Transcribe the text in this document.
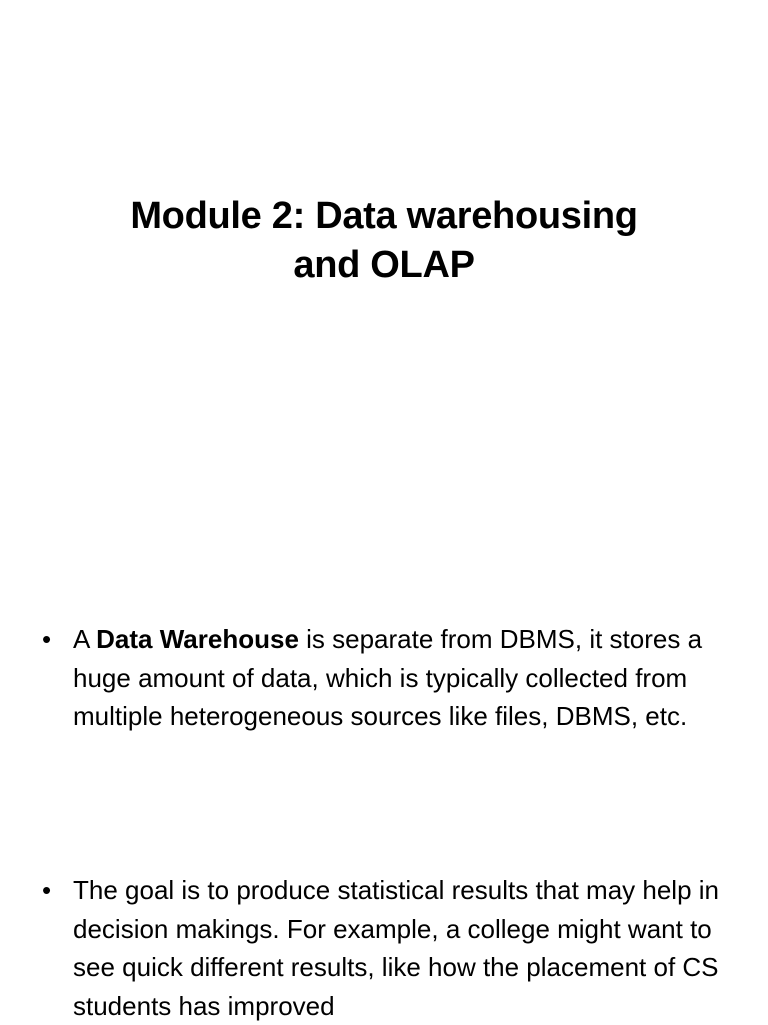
Module 2: Data warehousing
and OLAP
• A Data Warehouse is separate from DBMS, it stores a huge amount of data, which is typically collected from multiple heterogeneous sources like files, DBMS, etc.
• The goal is to produce statistical results that may help in decision makings. For example, a college might want to see quick different results, like how the placement of CS students has improved
